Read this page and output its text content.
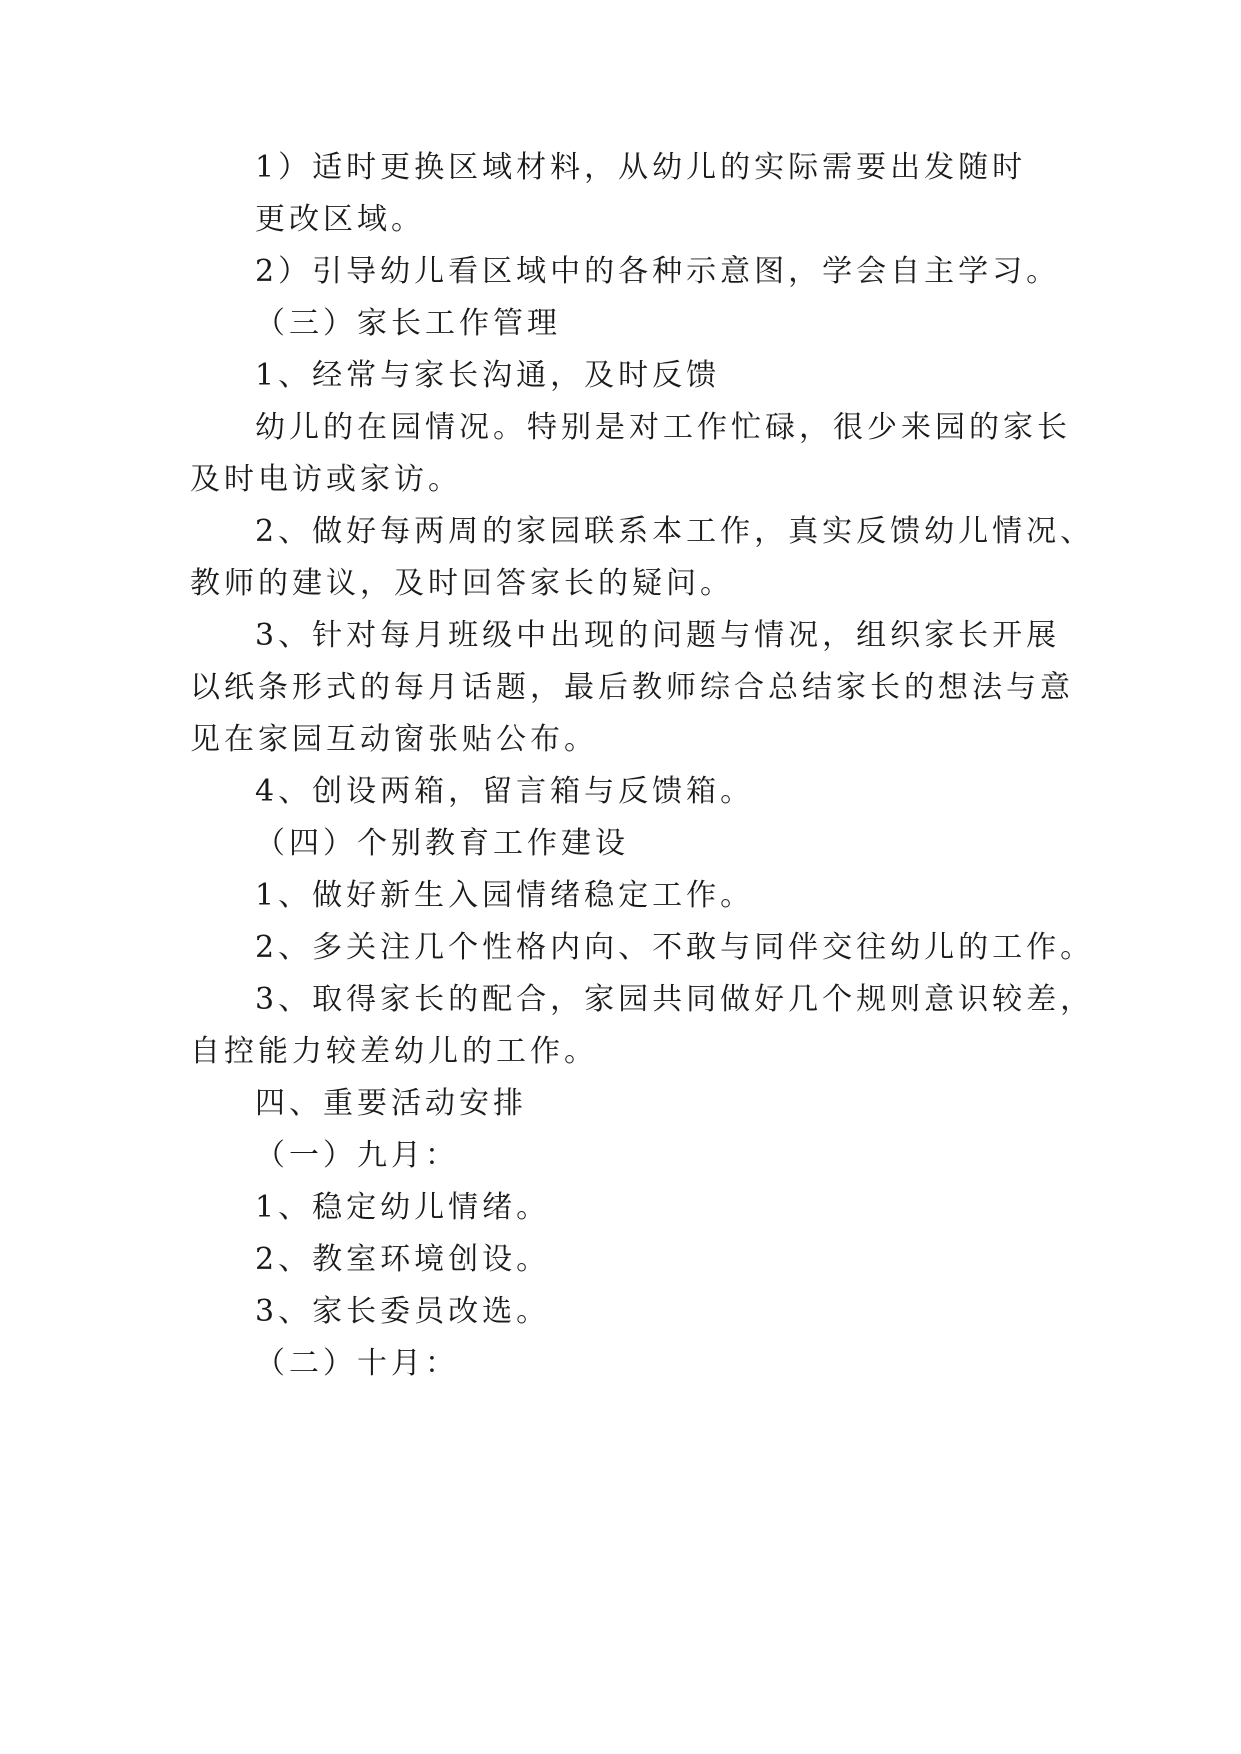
1）适时更换区域材料，从幼儿的实际需要出发随时
更改区域。
2）引导幼儿看区域中的各种示意图，学会自主学习。
（三）家长工作管理
1、经常与家长沟通，及时反馈
幼儿的在园情况。特别是对工作忙碌，很少来园的家长
及时电访或家访。
2、做好每两周的家园联系本工作，真实反馈幼儿情况、
教师的建议，及时回答家长的疑问。
3、针对每月班级中出现的问题与情况，组织家长开展
以纸条形式的每月话题，最后教师综合总结家长的想法与意
见在家园互动窗张贴公布。
4、创设两箱，留言箱与反馈箱。
（四）个别教育工作建设
1、做好新生入园情绪稳定工作。
2、多关注几个性格内向、不敢与同伴交往幼儿的工作。
3、取得家长的配合，家园共同做好几个规则意识较差，
自控能力较差幼儿的工作。
四、重要活动安排
（一）九月：
1、稳定幼儿情绪。
2、教室环境创设。
3、家长委员改选。
（二）十月：
